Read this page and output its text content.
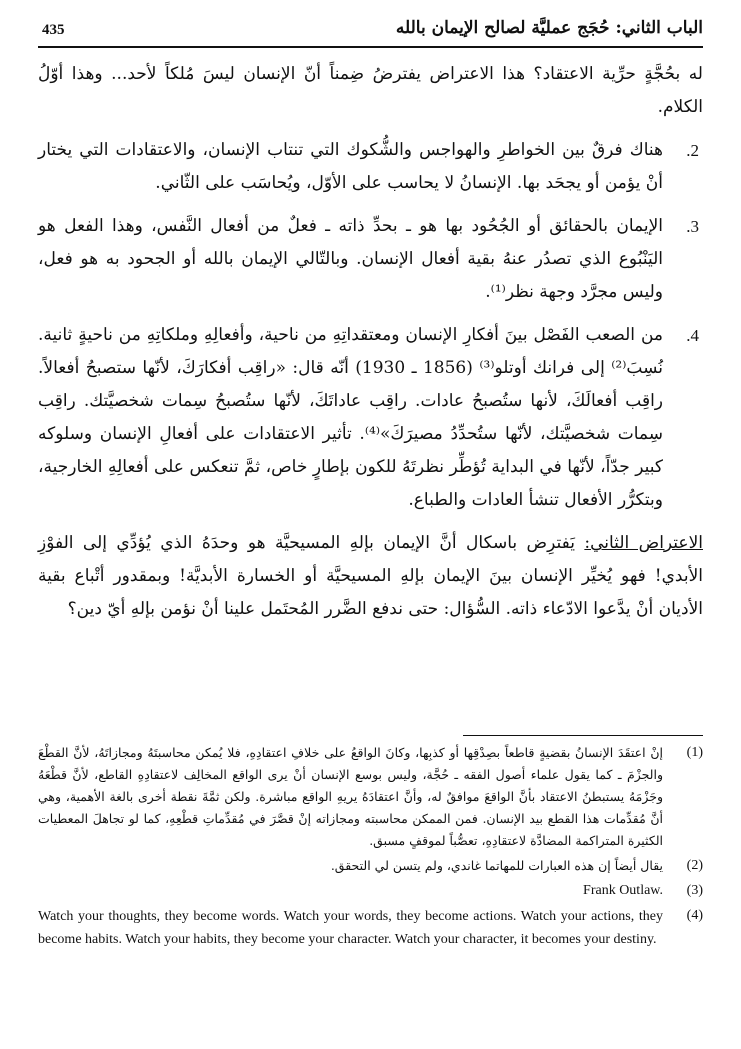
435	الباب الثاني: حُجَج عمليَّة لصالح الإيمان بالله

له بحُجَّةٍ حرِّية الاعتقاد؟ هذا الاعتراض يفترضُ ضِمناً أنّ الإنسان ليسَ مُلكاً لأحد... وهذا أوّلُ الكلام.

.2
هناك فرقٌ بين الخواطرِ والهواجس والشُّكوك التي تنتاب الإنسان، والاعتقادات التي يختار أنْ يؤمن أو يجحَد بها. الإنسانُ لا يحاسب على الأوّل، ويُحاسَب على الثّاني.
.3
الإيمان بالحقائق أو الجُحُود بها هو ـ بحدِّ ذاته ـ فعلٌ من أفعال النَّفس، وهذا الفعل هو اليَنْبُوع الذي تصدُر عنهُ بقية أفعال الإنسان. وبالتّالي الإيمان بالله أو الجحود به هو فعل، وليس مجرَّد وجهة نظر⁽¹⁾.
.4
من الصعب الفَصْل بينَ أفكارِ الإنسان ومعتقداتِهِ من ناحية، وأفعالِهِ وملكاتِهِ من ناحيةٍ ثانية. نُسِبَ⁽²⁾ إلى فرانك أوتلو⁽³⁾ (1856 ـ 1930) أنّه قال: «راقِب أفكارَكَ، لأنّها ستصبحُ أفعالاً. راقِب أفعالَكَ، لأنها ستُصبحُ عادات. راقِب عاداتَكَ، لأنّها ستُصبحُ سِمات شخصيَّتك. راقِب سِمات شخصيَّتك، لأنّها ستُحدِّدُ مصيرَكَ»⁽⁴⁾. تأثير الاعتقادات على أفعالِ الإنسان وسلوكه كبير جدّاً، لأنّها في البداية تُؤطِّر نظرتَهُ للكون بإطارٍ خاص، ثمَّ تنعكس على أفعالِهِ الخارجية، وبتكرُّر الأفعال تنشأ العادات والطباع.

الاعتراض الثاني: يَفترِض باسكال أنَّ الإيمان بإلهِ المسيحيَّة هو وحدَهُ الذي يُؤدِّي إلى الفوْزِ الأبدي! فهو يُخيِّر الإنسان بينَ الإيمان بإلهِ المسيحيَّة أو الخسارة الأبديَّة! وبمقدور أتْباع بقية الأديان أنْ يدَّعوا الادّعاء ذاته. السُّؤال: حتى ندفع الضَّرر المُحتَمل علينا أنْ نؤمن بإلهِ أيّ دين؟

(1)
إنْ اعتقَدَ الإنسانُ بقضيةٍ قاطعاً بصِدْقِها أو كذبِها، وكانَ الواقعُ على خلافِ اعتقادِهِ، فلا يُمكن محاسبتَهُ ومجازاتَهُ، لأنَّ القطْعَ والجزْمَ ـ كما يقول علماء أصول الفقه ـ حُجَّة، وليس بوسع الإنسان أنْ يرى الواقع المخالِف لاعتقادِهِ القاطع، لأنَّ قطْعَهُ وجَزْمَهُ يستبطنُ الاعتقاد بأنَّ الواقعَ موافقٌ له، وأنَّ اعتقادَهُ يريهِ الواقع مباشرة. ولكن ثمَّةَ نقطة أخرى بالغة الأهمية، وهي أنَّ مُقدِّمات هذا القطع بيد الإنسان. فمن الممكن محاسبته ومجازاته إنْ قصَّرَ في مُقدِّماتِ قطْعِهِ، كما لو تجاهلَ المعطيات الكثيرة المتراكمة المضادَّة لاعتقادِهِ، تعصُّباً لموقفٍ مسبق.
(2)
يقال أيضاً إن هذه العبارات للمهاتما غاندي، ولم يتسن لي التحقق.
(3)
Frank Outlaw.
(4)
Watch your thoughts, they become words. Watch your words, they become actions. Watch your actions, they become habits. Watch your habits, they become your character. Watch your character, it becomes your destiny.
